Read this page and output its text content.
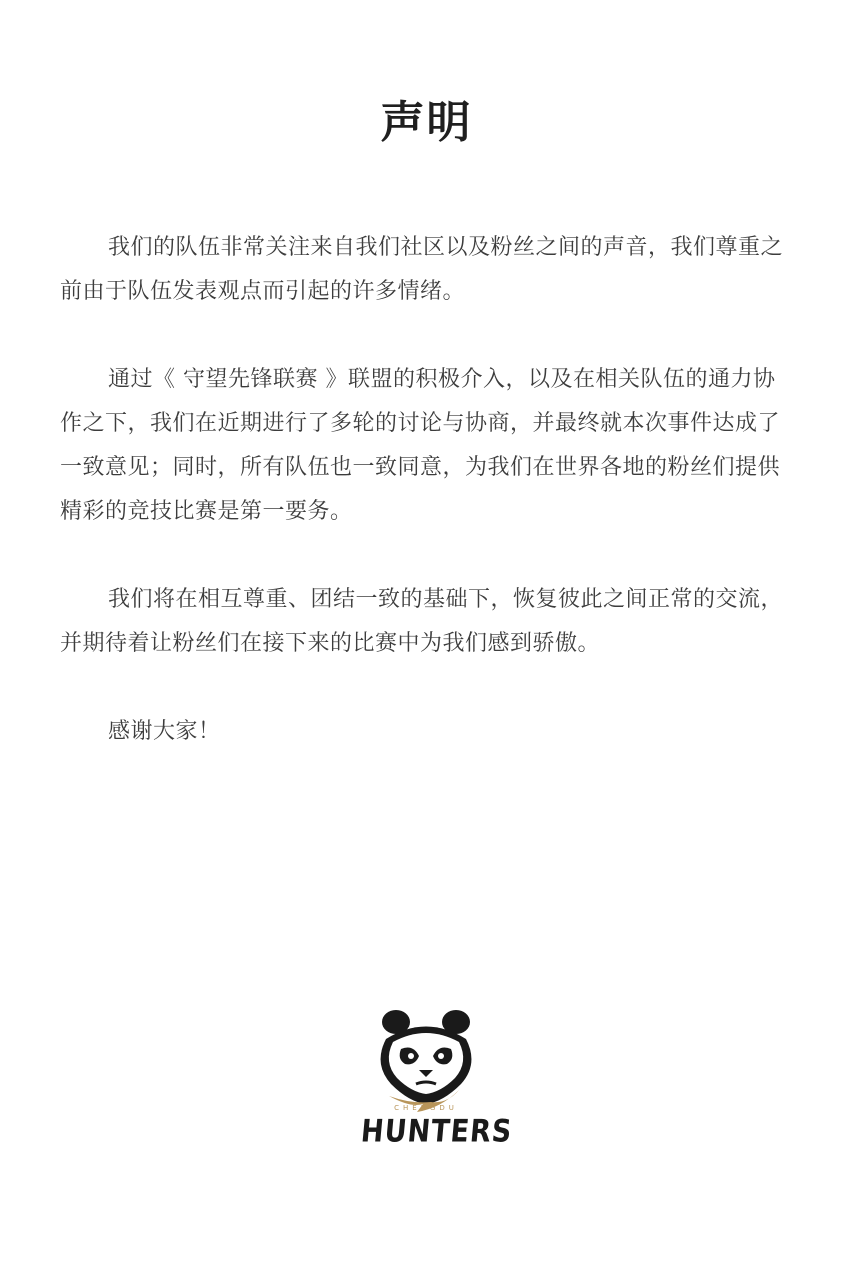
声明

我们的队伍非常关注来自我们社区以及粉丝之间的声音，我们尊重之前由于队伍发表观点而引起的许多情绪。

通过《 守望先锋联赛 》联盟的积极介入，以及在相关队伍的通力协作之下，我们在近期进行了多轮的讨论与协商，并最终就本次事件达成了一致意见；同时，所有队伍也一致同意，为我们在世界各地的粉丝们提供精彩的竞技比赛是第一要务。

我们将在相互尊重、团结一致的基础下，恢复彼此之间正常的交流，并期待着让粉丝们在接下来的比赛中为我们感到骄傲。

感谢大家！

CHENGDU
HUNTERS
